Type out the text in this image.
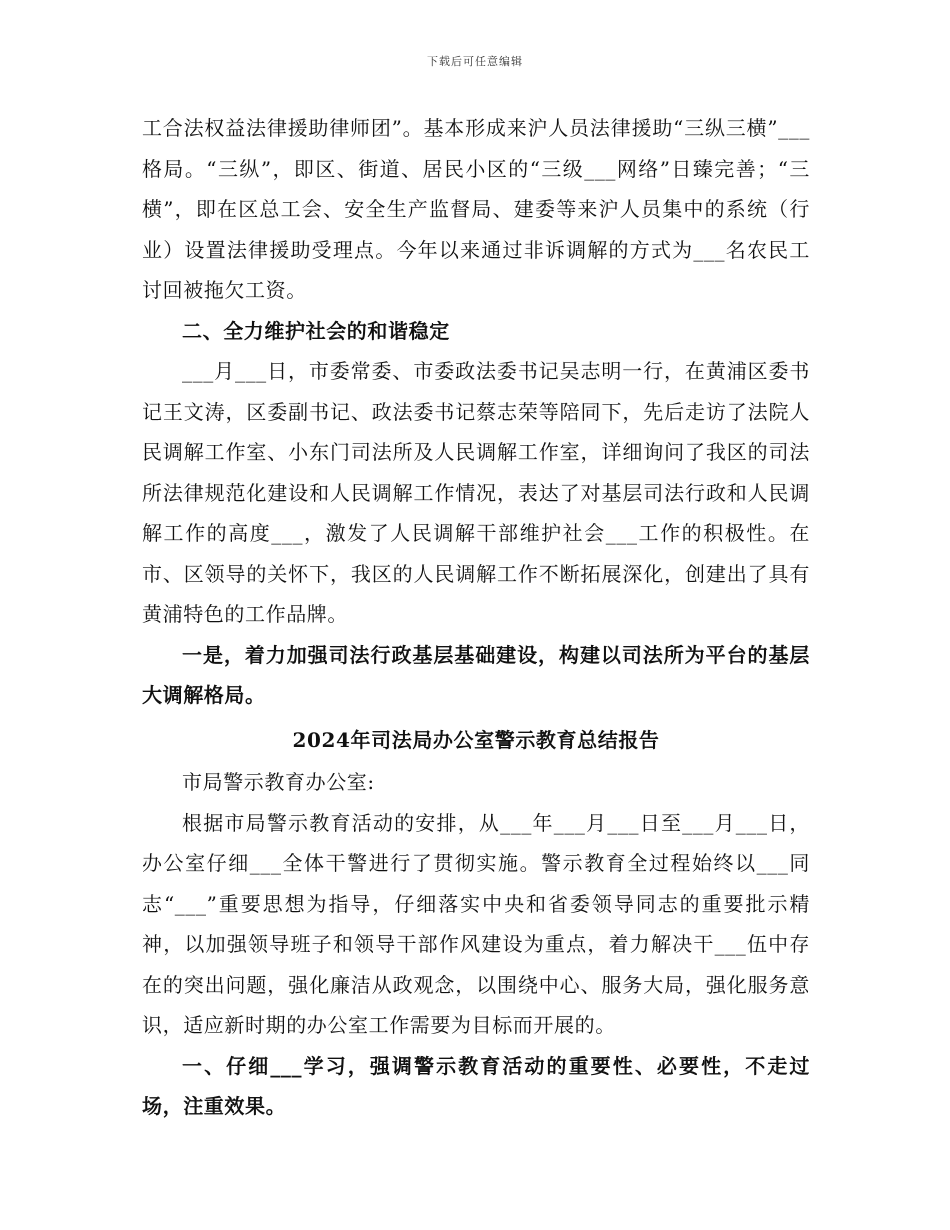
下载后可任意编辑

工合法权益法律援助律师团”。基本形成来沪人员法律援助“三纵三横”___格局。“三纵”，即区、街道、居民小区的“三级___网络”日臻完善；“三横”，即在区总工会、安全生产监督局、建委等来沪人员集中的系统（行业）设置法律援助受理点。今年以来通过非诉调解的方式为___名农民工讨回被拖欠工资。

二、全力维护社会的和谐稳定

___月___日，市委常委、市委政法委书记吴志明一行，在黄浦区委书记王文涛，区委副书记、政法委书记蔡志荣等陪同下，先后走访了法院人民调解工作室、小东门司法所及人民调解工作室，详细询问了我区的司法所法律规范化建设和人民调解工作情况，表达了对基层司法行政和人民调解工作的高度___，激发了人民调解干部维护社会___工作的积极性。在市、区领导的关怀下，我区的人民调解工作不断拓展深化，创建出了具有黄浦特色的工作品牌。

一是，着力加强司法行政基层基础建设，构建以司法所为平台的基层大调解格局。

2024年司法局办公室警示教育总结报告

市局警示教育办公室:

根据市局警示教育活动的安排，从___年___月___日至___月___日，办公室仔细___全体干警进行了贯彻实施。警示教育全过程始终以___同志“___”重要思想为指导，仔细落实中央和省委领导同志的重要批示精神，以加强领导班子和领导干部作风建设为重点，着力解决干___伍中存在的突出问题，强化廉洁从政观念，以围绕中心、服务大局，强化服务意识，适应新时期的办公室工作需要为目标而开展的。

一、仔细___学习，强调警示教育活动的重要性、必要性，不走过场，注重效果。
